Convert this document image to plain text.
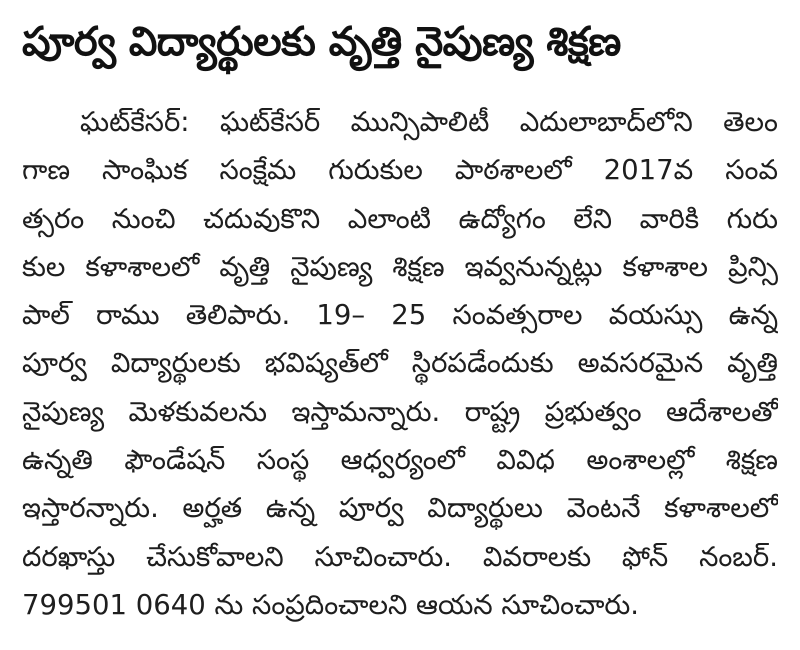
పూర్వ విద్యార్థులకు వృత్తి నైపుణ్య శిక్షణ
ఘట్‌కేసర్: ఘట్‌కేసర్ మున్సిపాలిటీ ఎదులాబాద్‌లోని తెలం
గాణ సాంఘిక సంక్షేమ గురుకుల పాఠశాలలో 2017వ సంవ
త్సరం నుంచి చదువుకొని ఎలాంటి ఉద్యోగం లేని వారికి గురు
కుల కళాశాలలో వృత్తి నైపుణ్య శిక్షణ ఇవ్వనున్నట్లు కళాశాల ప్రిన్సి
పాల్ రాము తెలిపారు. 19– 25 సంవత్సరాల వయస్సు ఉన్న
పూర్వ విద్యార్థులకు భవిష్యత్‌లో స్థిరపడేందుకు అవసరమైన వృత్తి
నైపుణ్య మెళకువలను ఇస్తామన్నారు. రాష్ట్ర ప్రభుత్వం ఆదేశాలతో
ఉన్నతి ఫౌండేషన్ సంస్థ ఆధ్వర్యంలో వివిధ అంశాలల్లో శిక్షణ
ఇస్తారన్నారు. అర్హత ఉన్న పూర్వ విద్యార్థులు వెంటనే కళాశాలలో
దరఖాస్తు చేసుకోవాలని సూచించారు. వివరాలకు ఫోన్ నంబర్.
799501 0640 ను సంప్రదించాలని ఆయన సూచించారు.
